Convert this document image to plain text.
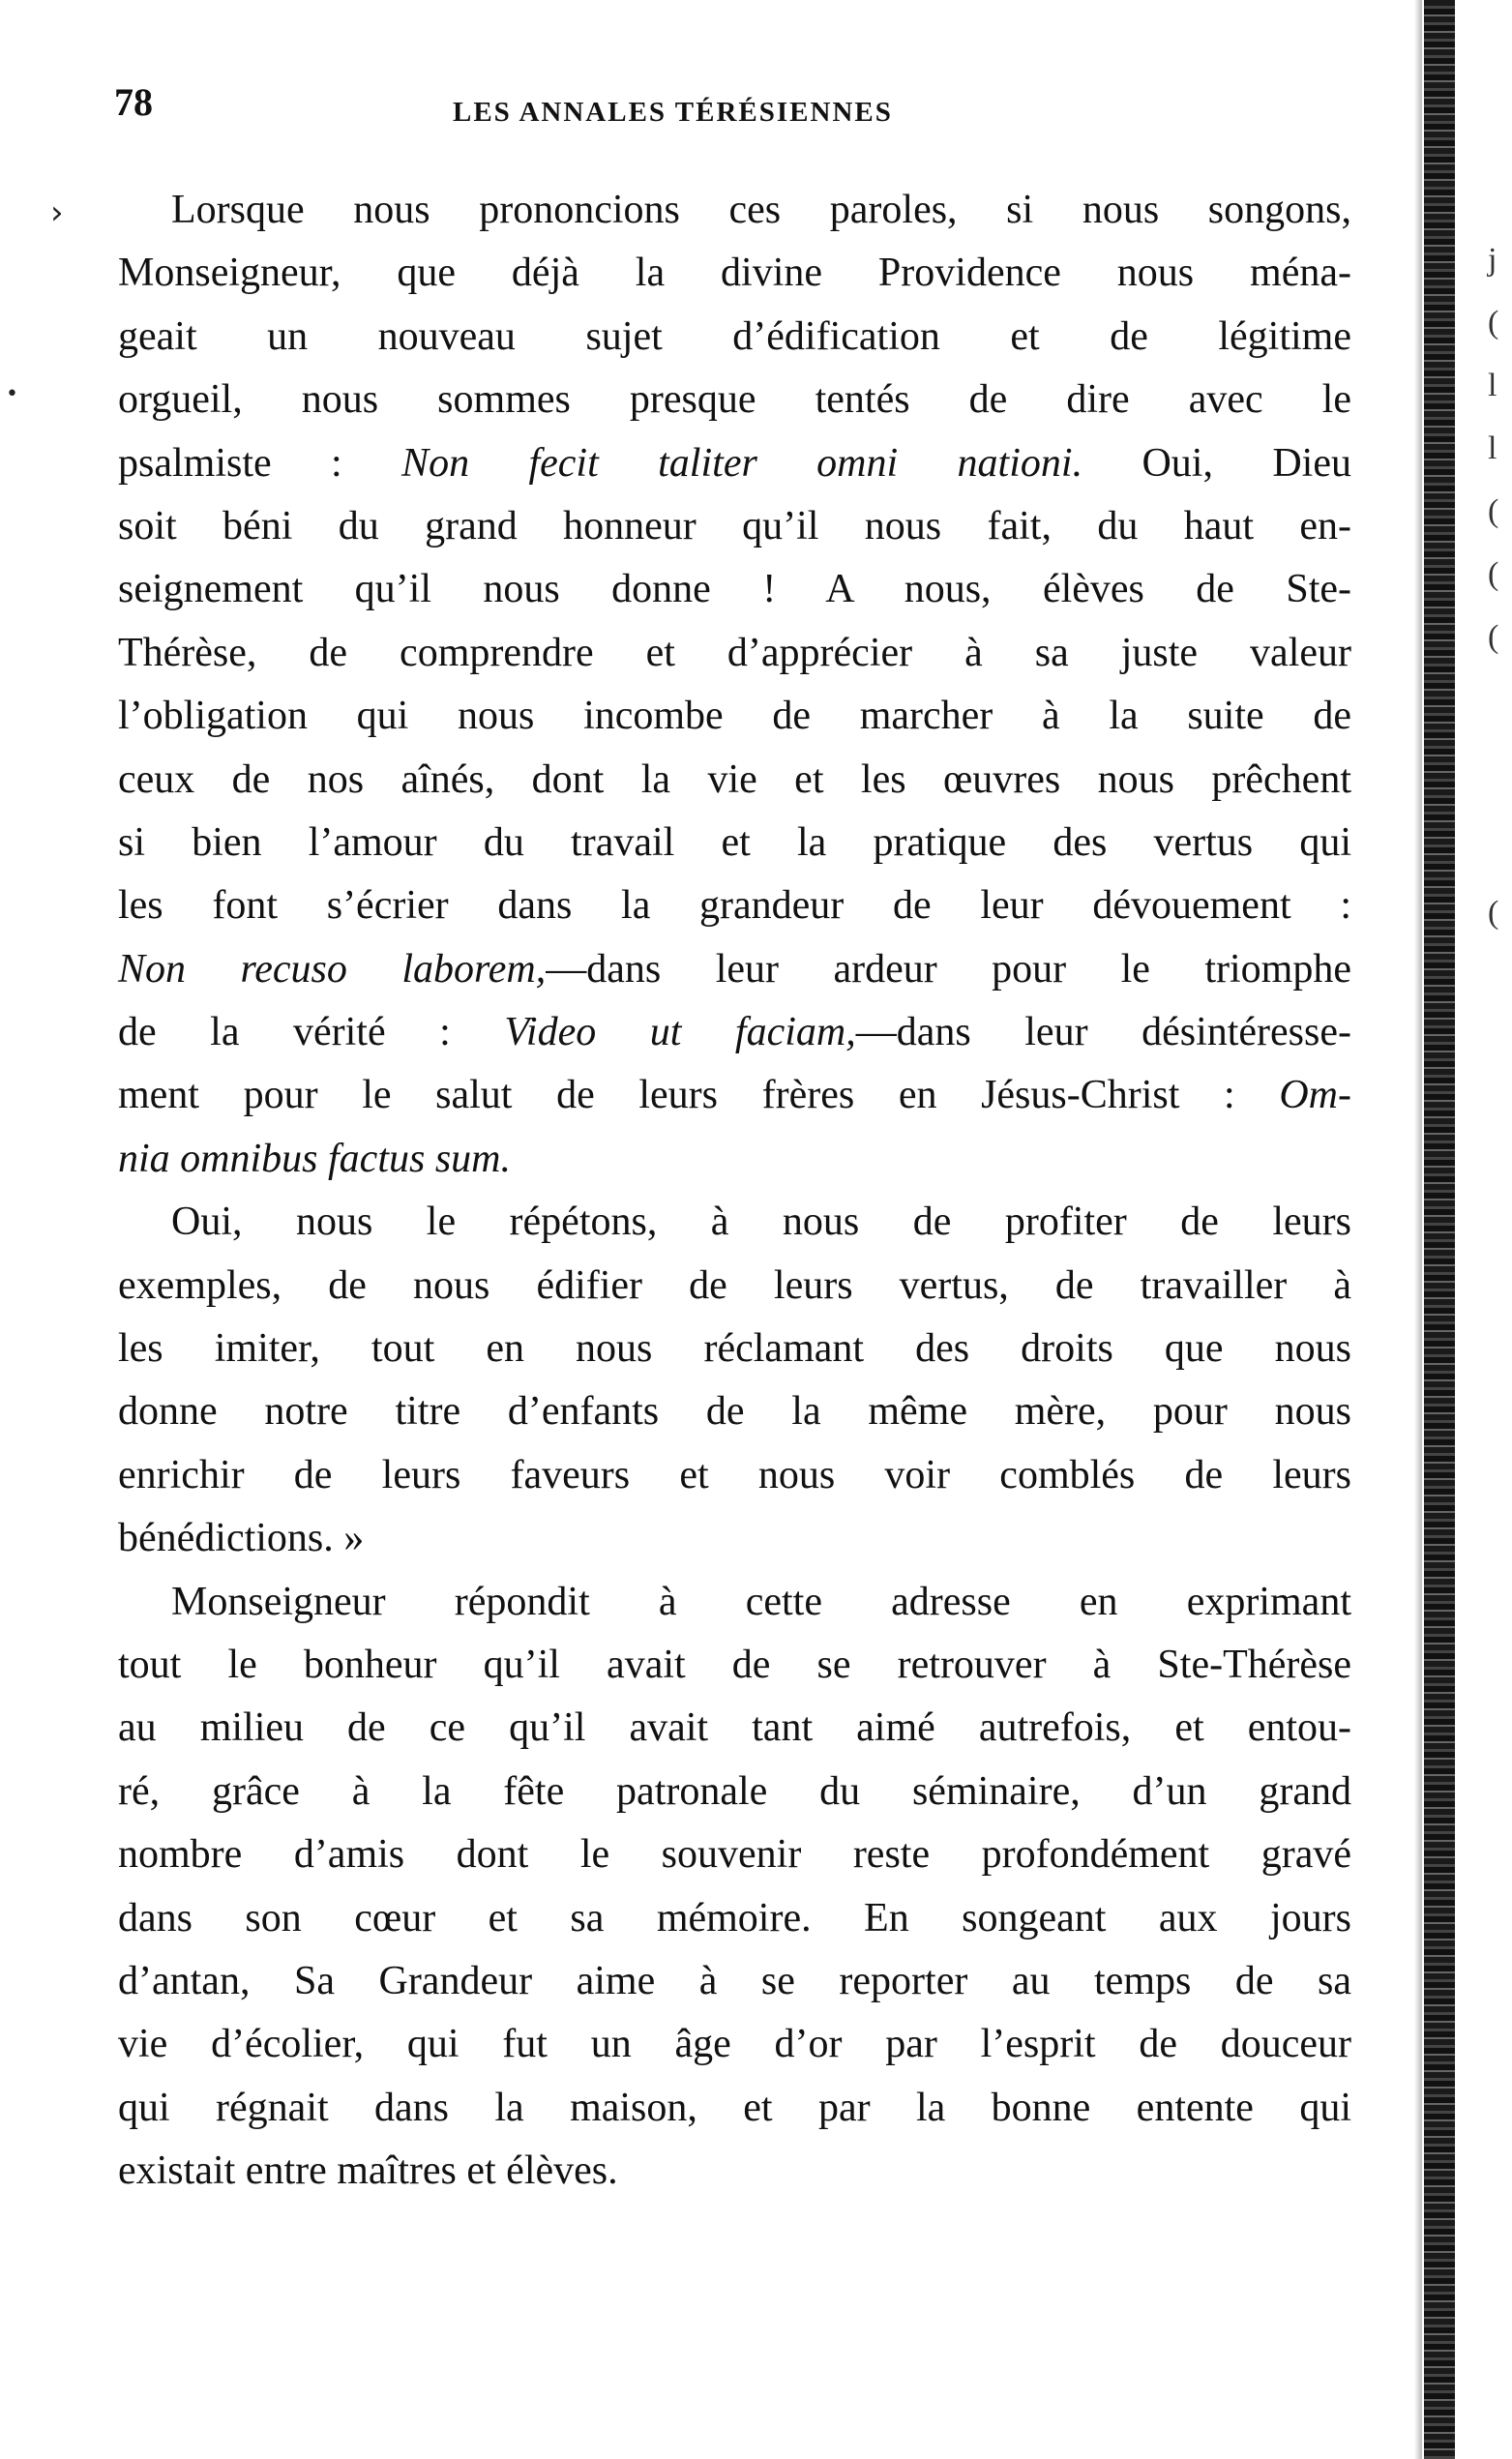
78	LES ANNALES TÉRÉSIENNES
›
•
Lorsque nous prononcions ces paroles, si nous songons,
Monseigneur, que déjà la divine Providence nous ména-
geait un nouveau sujet d’édification et de légitime
orgueil, nous sommes presque tentés de dire avec le
psalmiste : Non fecit taliter omni nationi. Oui, Dieu
soit béni du grand honneur qu’il nous fait, du haut en-
seignement qu’il nous donne ! A nous, élèves de Ste-
Thérèse, de comprendre et d’apprécier à sa juste valeur
l’obligation qui nous incombe de marcher à la suite de
ceux de nos aînés, dont la vie et les œuvres nous prêchent
si bien l’amour du travail et la pratique des vertus qui
les font s’écrier dans la grandeur de leur dévouement :
Non recuso laborem,—dans leur ardeur pour le triomphe
de la vérité : Video ut faciam,—dans leur désintéresse-
ment pour le salut de leurs frères en Jésus-Christ : Om-
nia omnibus factus sum.
Oui, nous le répétons, à nous de profiter de leurs
exemples, de nous édifier de leurs vertus, de travailler à
les imiter, tout en nous réclamant des droits que nous
donne notre titre d’enfants de la même mère, pour nous
enrichir de leurs faveurs et nous voir comblés de leurs
bénédictions. »
Monseigneur répondit à cette adresse en exprimant
tout le bonheur qu’il avait de se retrouver à Ste-Thérèse
au milieu de ce qu’il avait tant aimé autrefois, et entou-
ré, grâce à la fête patronale du séminaire, d’un grand
nombre d’amis dont le souvenir reste profondément gravé
dans son cœur et sa mémoire. En songeant aux jours
d’antan, Sa Grandeur aime à se reporter au temps de sa
vie d’écolier, qui fut un âge d’or par l’esprit de douceur
qui régnait dans la maison, et par la bonne entente qui
existait entre maîtres et élèves.
j
(
l
l
(
(
(
(
